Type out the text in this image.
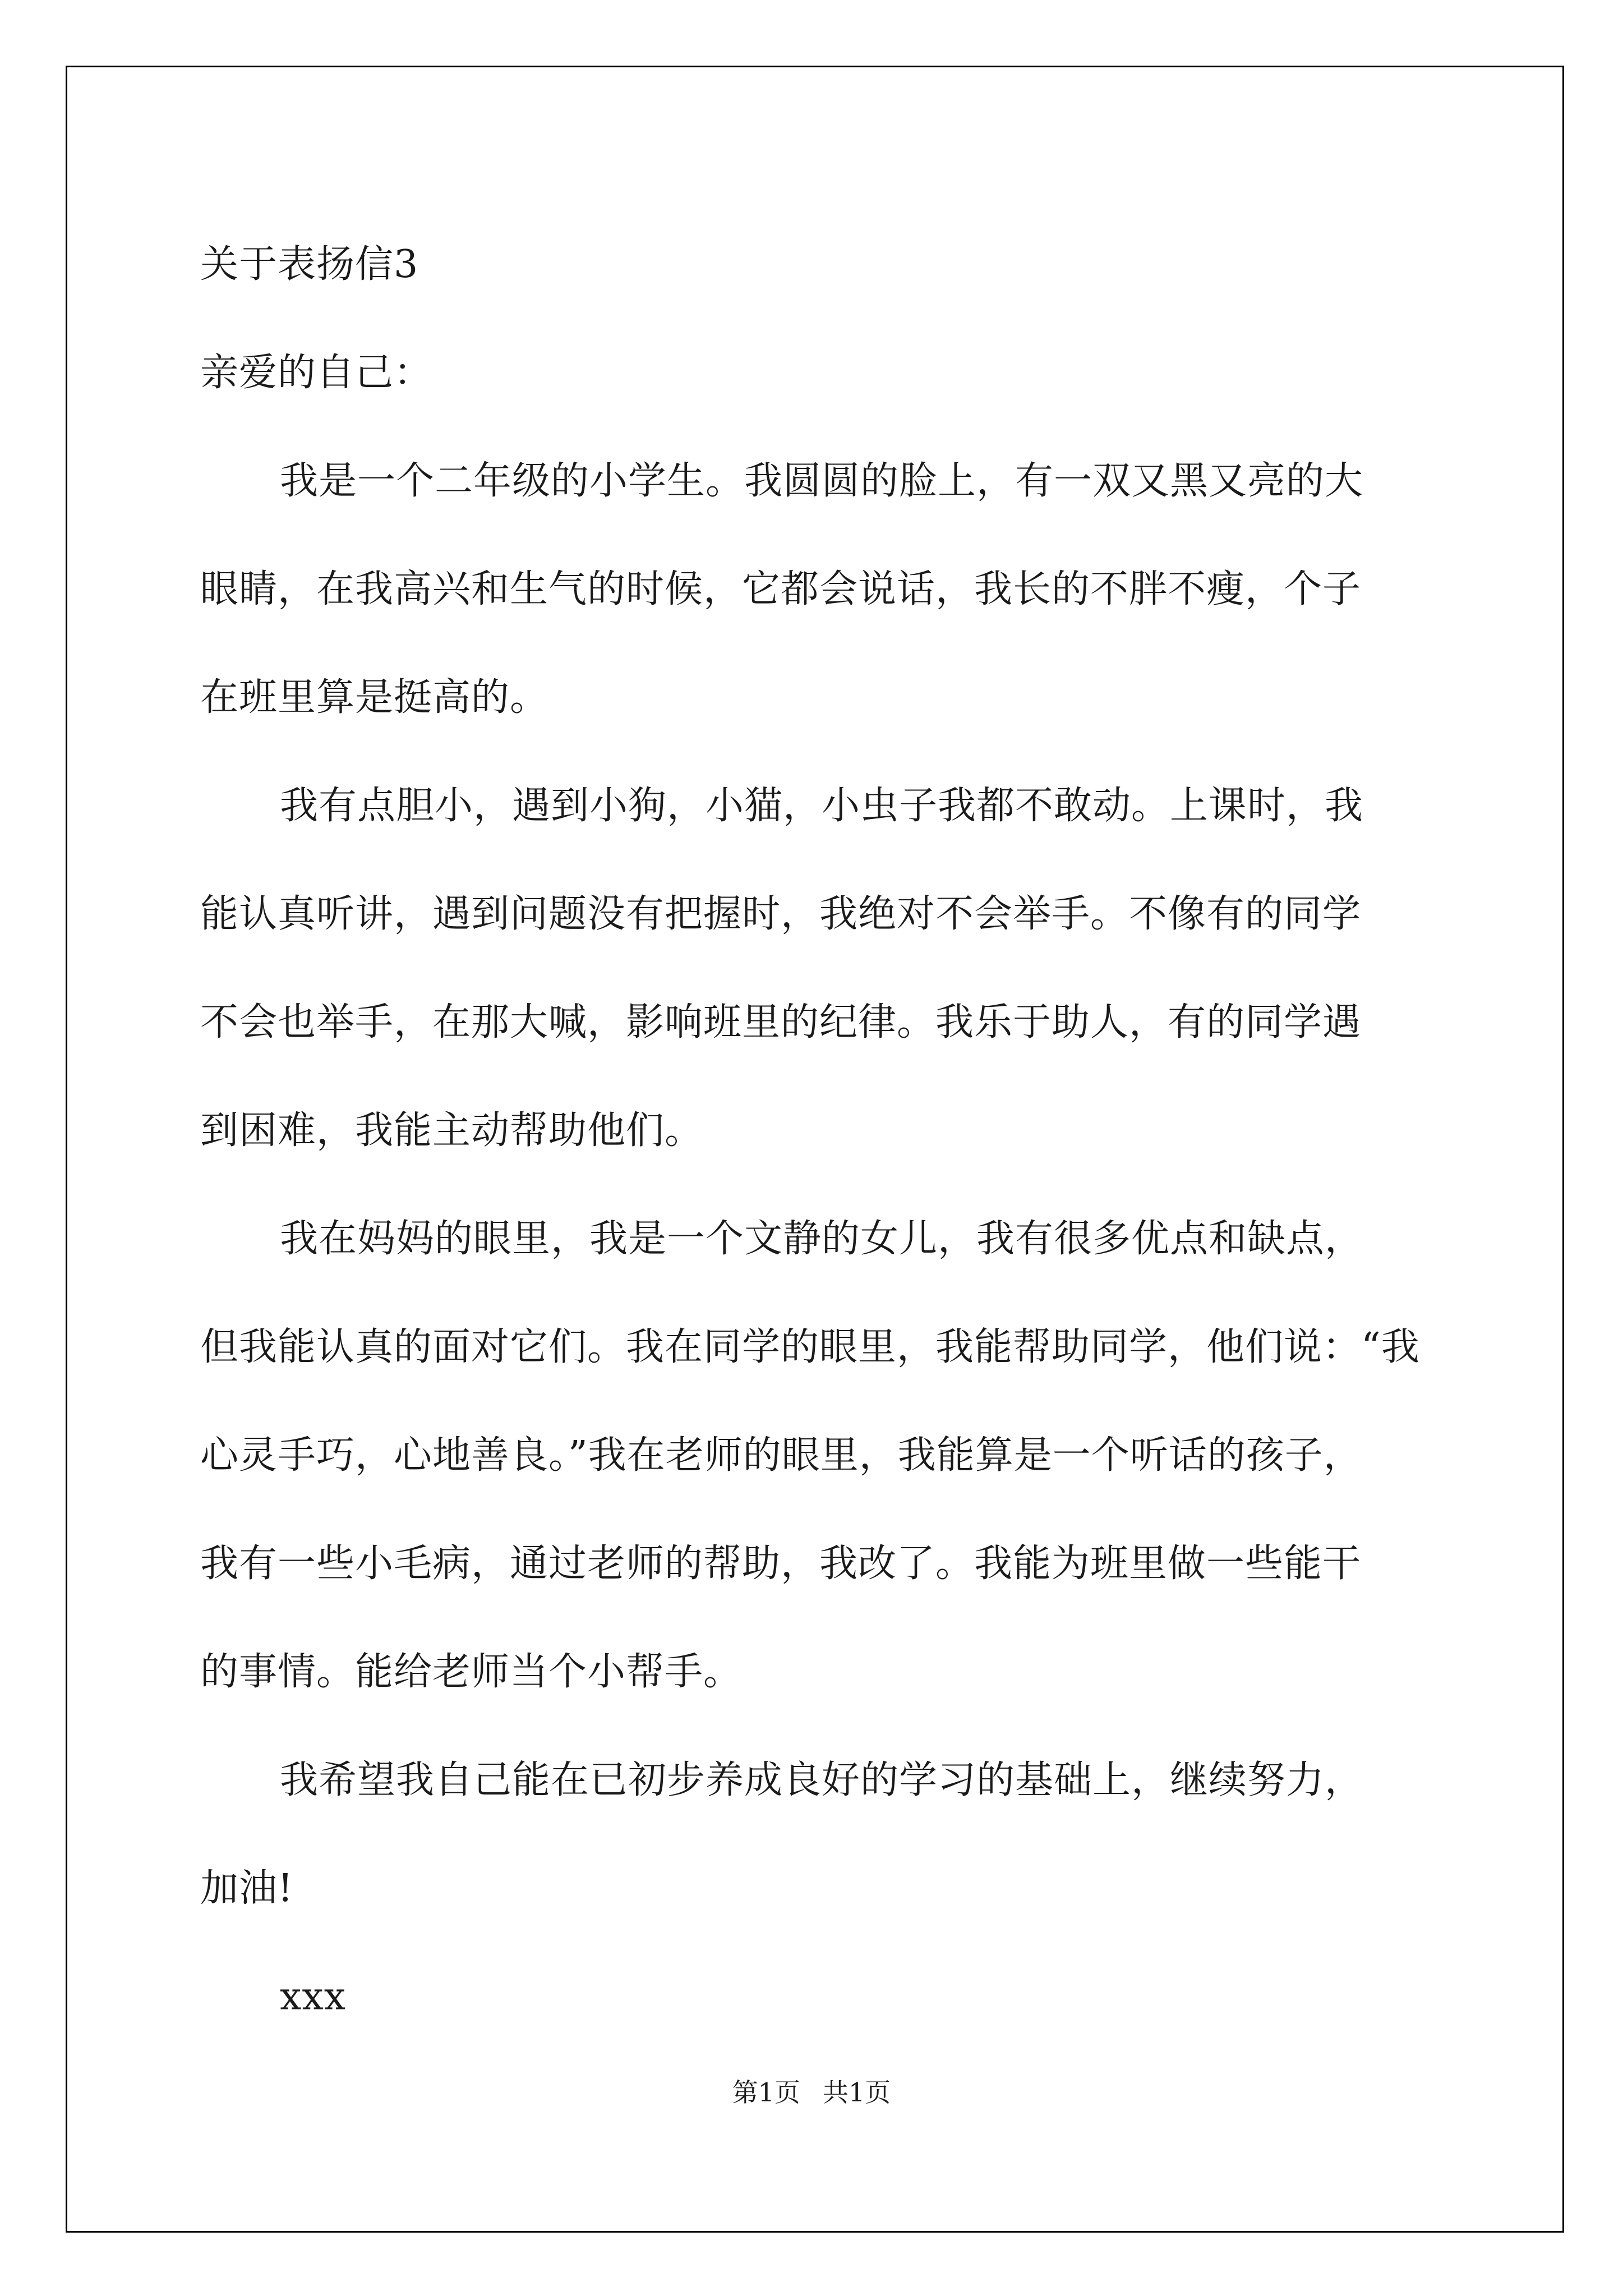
关于表扬信3

亲爱的自己：

我是一个二年级的小学生。我圆圆的脸上，有一双又黑又亮的大

眼睛，在我高兴和生气的时候，它都会说话，我长的不胖不瘦，个子

在班里算是挺高的。

我有点胆小，遇到小狗，小猫，小虫子我都不敢动。上课时，我

能认真听讲，遇到问题没有把握时，我绝对不会举手。不像有的同学

不会也举手，在那大喊，影响班里的纪律。我乐于助人，有的同学遇

到困难，我能主动帮助他们。

我在妈妈的眼里，我是一个文静的女儿，我有很多优点和缺点，

但我能认真的面对它们。我在同学的眼里，我能帮助同学，他们说：“我

心灵手巧，心地善良。”我在老师的眼里，我能算是一个听话的孩子，

我有一些小毛病，通过老师的帮助，我改了。我能为班里做一些能干

的事情。能给老师当个小帮手。

我希望我自己能在已初步养成良好的学习的基础上，继续努力，

加油!

xxx

第1页 共1页
